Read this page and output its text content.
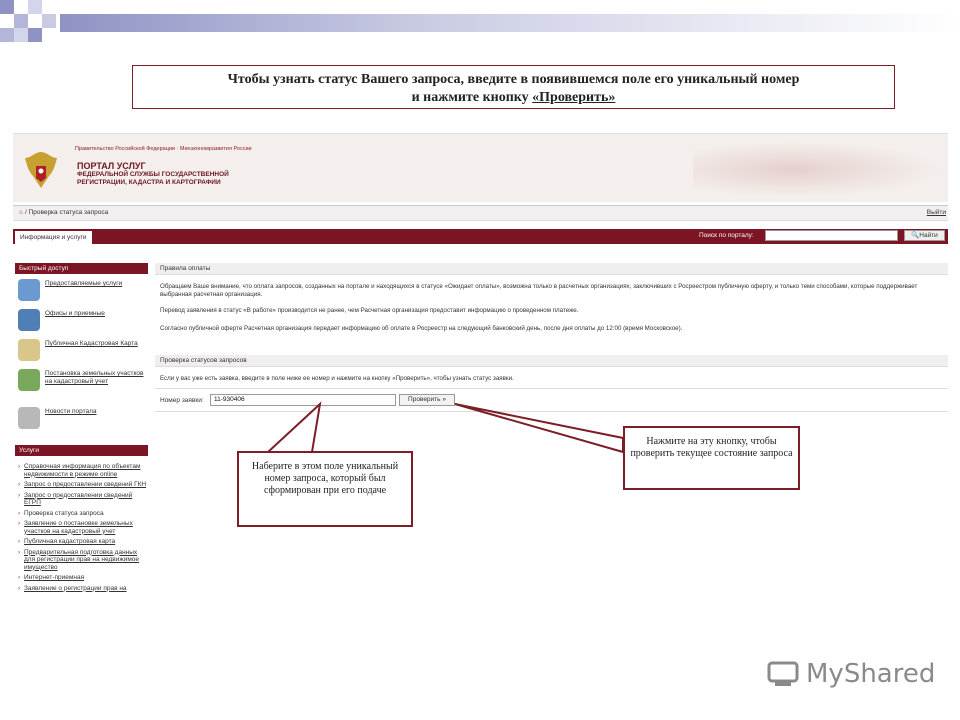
Чтобы узнать статус Вашего запроса, введите в появившемся поле его уникальный номер
и нажмите кнопку «Проверить»
Правительство Российской Федерации · Минэкономразвития России
ПОРТАЛ УСЛУГ
ФЕДЕРАЛЬНОЙ СЛУЖБЫ ГОСУДАРСТВЕННОЙ РЕГИСТРАЦИИ, КАДАСТРА И КАРТОГРАФИИ
⌂ / Проверка статуса запроса	Выйти
Информация и услуги	Поиск по порталу:	🔍Найти
Быстрый доступ
Предоставляемые услуги
Офисы и приемные
Публичная Кадастровая Карта
Постановка земельных участков на кадастровый учет
Новости портала
Услуги
› Справочная информация по объектам недвижимости в режиме online
› Запрос о предоставлении сведений ГКН
› Запрос о предоставлении сведений ЕГРП
› Проверка статуса запроса
› Заявление о постановке земельных участков на кадастровый учет
› Публичная кадастровая карта
› Предварительная подготовка данных для регистрации прав на недвижимое имущество
› Интернет-приемная
› Заявление о регистрации прав на
Правила оплаты
Обращаем Ваше внимание, что оплата запросов, созданных на портале и находящихся в статусе «Ожидает оплаты», возможна только в расчетных организациях, заключивших с Росреестром публичную оферту, и только теми способами, которые поддерживает выбранная расчетная организация.
Перевод заявления в статус «В работе» производится не ранее, чем Расчетная организация предоставит информацию о проведенном платеже.
Согласно публичной оферте Расчетная организация передает информацию об оплате в Росреестр на следующий банковский день, после дня оплаты до 12:00 (время Московское).
Проверка статусов запросов
Если у вас уже есть заявка, введите в поле ниже ее номер и нажмите на кнопку «Проверить», чтобы узнать статус заявки.
Номер заявки:	11-930406	Проверить »
Наберите в этом поле уникальный номер запроса, который был сформирован при его подаче
Нажмите на эту кнопку, чтобы проверить текущее состояние запроса
MyShared
